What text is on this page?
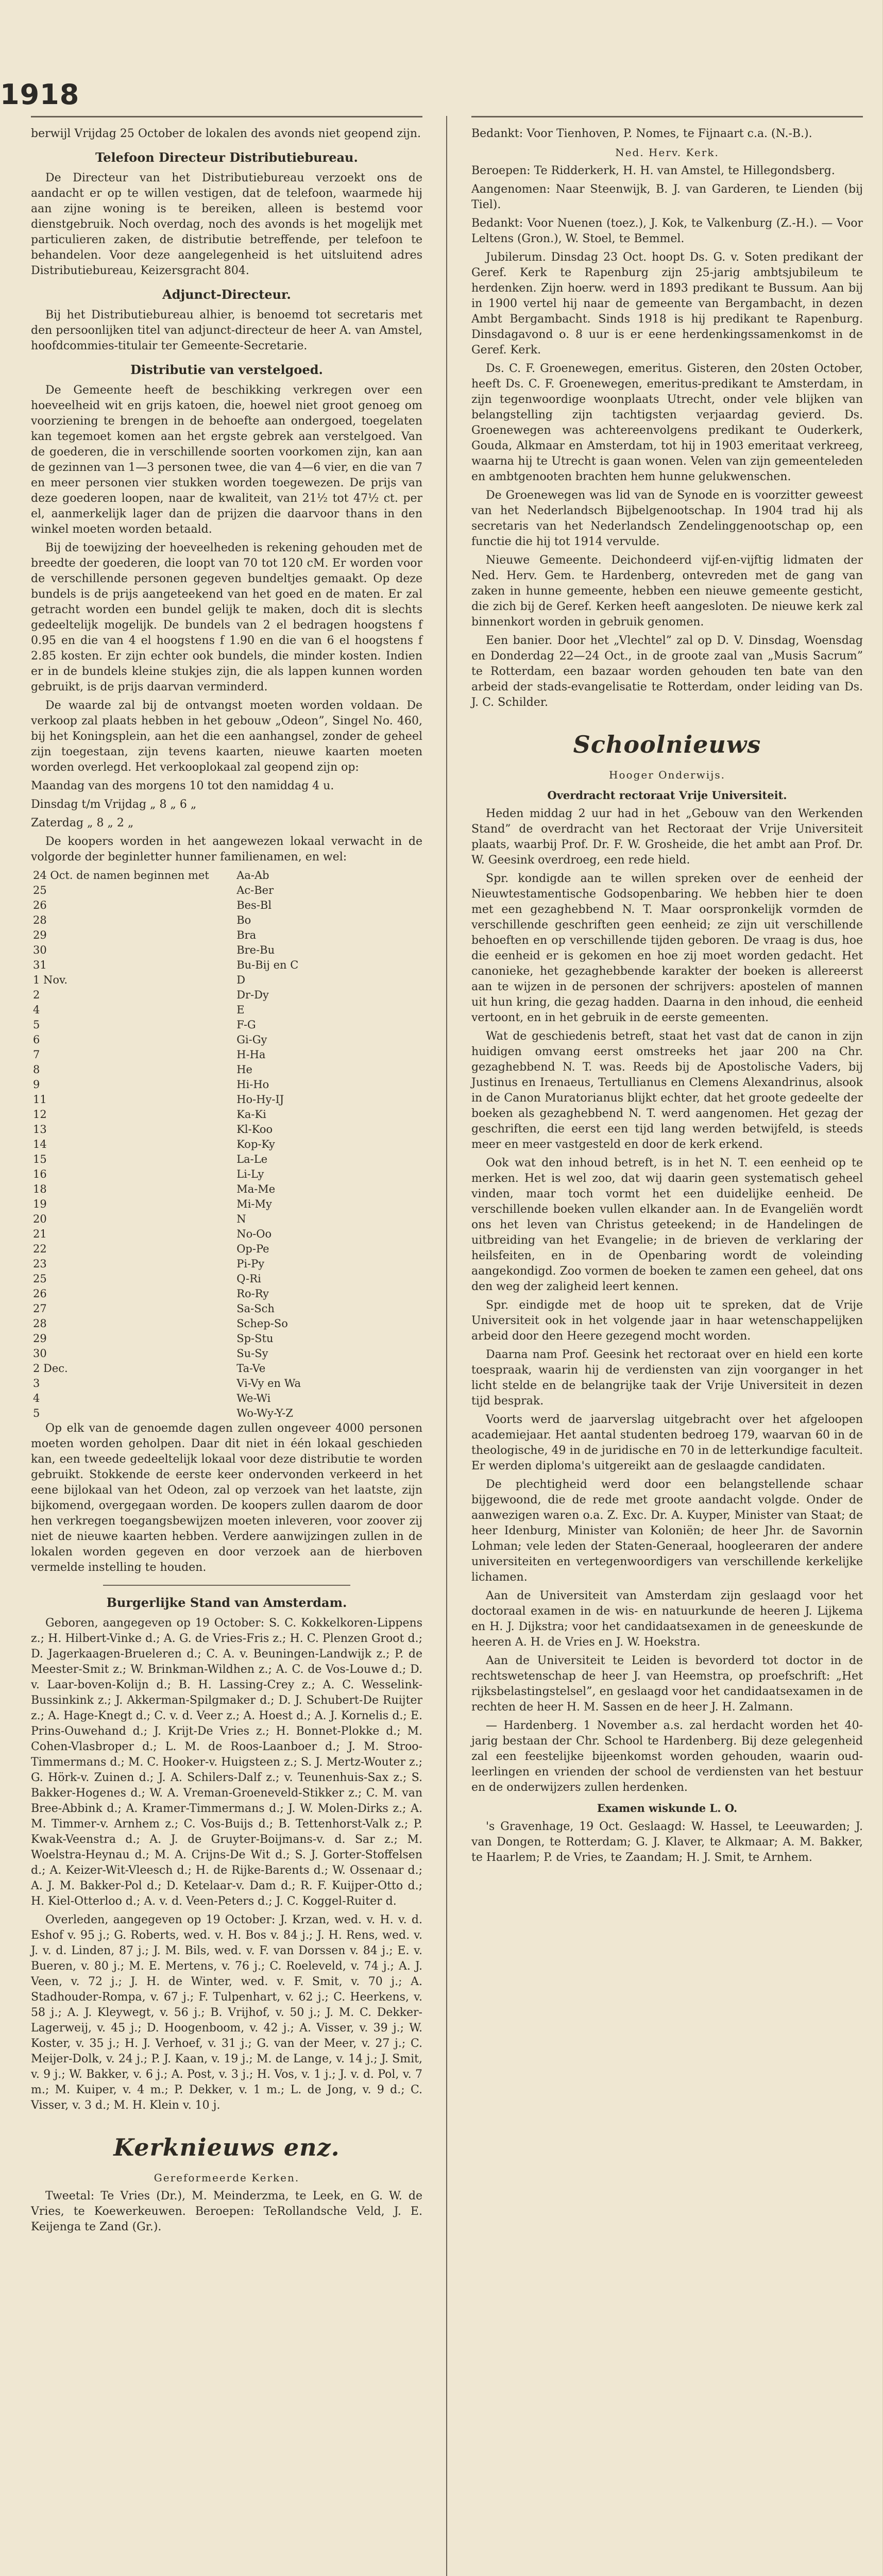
1918

berwijl Vrijdag 25 October de lokalen des avonds niet geopend zijn.

Telefoon Directeur Distributiebureau.

De Directeur van het Distributiebureau verzoekt ons de aandacht er op te willen vestigen, dat de telefoon, waarmede hij aan zijne woning is te bereiken, alleen is bestemd voor dienstgebruik. Noch overdag, noch des avonds is het mogelijk met particulieren zaken, de distributie betreffende, per telefoon te behandelen. Voor deze aangelegenheid is het uitsluitend adres Distributiebureau, Keizersgracht 804.

Adjunct-Directeur.

Bij het Distributiebureau alhier, is benoemd tot secretaris met den persoonlijken titel van adjunct-directeur de heer A. van Amstel, hoofdcommies-titulair ter Gemeente-Secretarie.

Distributie van verstelgoed.

De Gemeente heeft de beschikking verkregen over een hoeveelheid wit en grijs katoen, die, hoewel niet groot genoeg om voorziening te brengen in de behoefte aan ondergoed, toegelaten kan tegemoet komen aan het ergste gebrek aan verstelgoed. Van de goederen, die in verschillende soorten voorkomen zijn, kan aan de gezinnen van 1—3 personen twee, die van 4—6 vier, en die van 7 en meer personen vier stukken worden toegewezen. De prijs van deze goederen loopen, naar de kwaliteit, van 21½ tot 47½ ct. per el, aanmerkelijk lager dan de prijzen die daarvoor thans in den winkel moeten worden betaald.

Bij de toewijzing der hoeveelheden is rekening gehouden met de breedte der goederen, die loopt van 70 tot 120 cM. Er worden voor de verschillende personen gegeven bundeltjes gemaakt. Op deze bundels is de prijs aangeteekend van het goed en de maten. Er zal getracht worden een bundel gelijk te maken, doch dit is slechts gedeeltelijk mogelijk. De bundels van 2 el bedragen hoogstens f 0.95 en die van 4 el hoogstens f 1.90 en die van 6 el hoogstens f 2.85 kosten. Er zijn echter ook bundels, die minder kosten. Indien er in de bundels kleine stukjes zijn, die als lappen kunnen worden gebruikt, is de prijs daarvan verminderd.

De waarde zal bij de ontvangst moeten worden voldaan. De verkoop zal plaats hebben in het gebouw „Odeon”, Singel No. 460, bij het Koningsplein, aan het die een aanhangsel, zonder de geheel zijn toegestaan, zijn tevens kaarten, nieuwe kaarten moeten worden overlegd. Het verkooplokaal zal geopend zijn op:

Maandag van des morgens 10 tot den namiddag 4 u.

Dinsdag t/m Vrijdag „ 8 „ 6 „

Zaterdag „ 8 „ 2 „

De koopers worden in het aangewezen lokaal verwacht in de volgorde der beginletter hunner familienamen, en wel:

24 Oct. de namen beginnen met	Aa-Ab
25	Ac-Ber
26	Bes-Bl
28	Bo
29	Bra
30	Bre-Bu
31	Bu-Bij en C
1 Nov.	D
2	Dr-Dy
4	E
5	F-G
6	Gi-Gy
7	H-Ha
8	He
9	Hi-Ho
11	Ho-Hy-IJ
12	Ka-Ki
13	Kl-Koo
14	Kop-Ky
15	La-Le
16	Li-Ly
18	Ma-Me
19	Mi-My
20	N
21	No-Oo
22	Op-Pe
23	Pi-Py
25	Q-Ri
26	Ro-Ry
27	Sa-Sch
28	Schep-So
29	Sp-Stu
30	Su-Sy
2 Dec.	Ta-Ve
3	Vi-Vy en Wa
4	We-Wi
5	Wo-Wy-Y-Z

Op elk van de genoemde dagen zullen ongeveer 4000 personen moeten worden geholpen. Daar dit niet in één lokaal geschieden kan, een tweede gedeeltelijk lokaal voor deze distributie te worden gebruikt. Stokkende de eerste keer ondervonden verkeerd in het eene bijlokaal van het Odeon, zal op verzoek van het laatste, zijn bijkomend, overgegaan worden. De koopers zullen daarom de door hen verkregen toegangsbewijzen moeten inleveren, voor zoover zij niet de nieuwe kaarten hebben. Verdere aanwijzingen zullen in de lokalen worden gegeven en door verzoek aan de hierboven vermelde instelling te houden.

Burgerlijke Stand van Amsterdam.

Geboren, aangegeven op 19 October: S. C. Kokkelkoren-Lippens z.; H. Hilbert-Vinke d.; A. G. de Vries-Fris z.; H. C. Plenzen Groot d.; D. Jagerkaagen-Brueleren d.; C. A. v. Beuningen-Landwijk z.; P. de Meester-Smit z.; W. Brinkman-Wildhen z.; A. C. de Vos-Louwe d.; D. v. Laar-boven-Kolijn d.; B. H. Lassing-Crey z.; A. C. Wesselink-Bussinkink z.; J. Akkerman-Spilgmaker d.; D. J. Schubert-De Ruijter z.; A. Hage-Knegt d.; C. v. d. Veer z.; A. Hoest d.; A. J. Kornelis d.; E. Prins-Ouwehand d.; J. Krijt-De Vries z.; H. Bonnet-Plokke d.; M. Cohen-Vlasbroper d.; L. M. de Roos-Laanboer d.; J. M. Stroo-Timmermans d.; M. C. Hooker-v. Huigsteen z.; S. J. Mertz-Wouter z.; G. Hörk-v. Zuinen d.; J. A. Schilers-Dalf z.; v. Teunenhuis-Sax z.; S. Bakker-Hogenes d.; W. A. Vreman-Groeneveld-Stikker z.; C. M. van Bree-Abbink d.; A. Kramer-Timmermans d.; J. W. Molen-Dirks z.; A. M. Timmer-v. Arnhem z.; C. Vos-Buijs d.; B. Tettenhorst-Valk z.; P. Kwak-Veenstra d.; A. J. de Gruyter-Boijmans-v. d. Sar z.; M. Woelstra-Heynau d.; M. A. Crijns-De Wit d.; S. J. Gorter-Stoffelsen d.; A. Keizer-Wit-Vleesch d.; H. de Rijke-Barents d.; W. Ossenaar d.; A. J. M. Bakker-Pol d.; D. Ketelaar-v. Dam d.; R. F. Kuijper-Otto d.; H. Kiel-Otterloo d.; A. v. d. Veen-Peters d.; J. C. Koggel-Ruiter d.

Overleden, aangegeven op 19 October: J. Krzan, wed. v. H. v. d. Eshof v. 95 j.; G. Roberts, wed. v. H. Bos v. 84 j.; J. H. Rens, wed. v. J. v. d. Linden, 87 j.; J. M. Bils, wed. v. F. van Dorssen v. 84 j.; E. v. Bueren, v. 80 j.; M. E. Mertens, v. 76 j.; C. Roeleveld, v. 74 j.; A. J. Veen, v. 72 j.; J. H. de Winter, wed. v. F. Smit, v. 70 j.; A. Stadhouder-Rompa, v. 67 j.; F. Tulpenhart, v. 62 j.; C. Heerkens, v. 58 j.; A. J. Kleywegt, v. 56 j.; B. Vrijhof, v. 50 j.; J. M. C. Dekker-Lagerweij, v. 45 j.; D. Hoogenboom, v. 42 j.; A. Visser, v. 39 j.; W. Koster, v. 35 j.; H. J. Verhoef, v. 31 j.; G. van der Meer, v. 27 j.; C. Meijer-Dolk, v. 24 j.; P. J. Kaan, v. 19 j.; M. de Lange, v. 14 j.; J. Smit, v. 9 j.; W. Bakker, v. 6 j.; A. Post, v. 3 j.; H. Vos, v. 1 j.; J. v. d. Pol, v. 7 m.; M. Kuiper, v. 4 m.; P. Dekker, v. 1 m.; L. de Jong, v. 9 d.; C. Visser, v. 3 d.; M. H. Klein v. 10 j.

Kerknieuws enz.
Gereformeerde Kerken.

Tweetal: Te Vries (Dr.), M. Meinderzma, te Leek, en G. W. de Vries, te Koewerkeuwen. Beroepen: TeRollandsche Veld, J. E. Keijenga te Zand (Gr.).

Bedankt: Voor Tienhoven, P. Nomes, te Fijnaart c.a. (N.-B.).

Ned. Herv. Kerk.

Beroepen: Te Ridderkerk, H. H. van Amstel, te Hillegondsberg.

Aangenomen: Naar Steenwijk, B. J. van Garderen, te Lienden (bij Tiel).

Bedankt: Voor Nuenen (toez.), J. Kok, te Valkenburg (Z.-H.). — Voor Leltens (Gron.), W. Stoel, te Bemmel.

Jubilerum. Dinsdag 23 Oct. hoopt Ds. G. v. Soten predikant der Geref. Kerk te Rapenburg zijn 25-jarig ambtsjubileum te herdenken. Zijn hoerw. werd in 1893 predikant te Bussum. Aan bij in 1900 vertel hij naar de gemeente van Bergambacht, in dezen Ambt Bergambacht. Sinds 1918 is hij predikant te Rapenburg. Dinsdagavond o. 8 uur is er eene herdenkingssamenkomst in de Geref. Kerk.

Ds. C. F. Groenewegen, emeritus. Gisteren, den 20sten October, heeft Ds. C. F. Groenewegen, emeritus-predikant te Amsterdam, in zijn tegenwoordige woonplaats Utrecht, onder vele blijken van belangstelling zijn tachtigsten verjaardag gevierd. Ds. Groenewegen was achtereenvolgens predikant te Ouderkerk, Gouda, Alkmaar en Amsterdam, tot hij in 1903 emeritaat verkreeg, waarna hij te Utrecht is gaan wonen. Velen van zijn gemeenteleden en ambtgenooten brachten hem hunne gelukwenschen.

De Groenewegen was lid van de Synode en is voorzitter geweest van het Nederlandsch Bijbelgenootschap. In 1904 trad hij als secretaris van het Nederlandsch Zendelinggenootschap op, een functie die hij tot 1914 vervulde.

Nieuwe Gemeente. Deichondeerd vijf-en-vijftig lidmaten der Ned. Herv. Gem. te Hardenberg, ontevreden met de gang van zaken in hunne gemeente, hebben een nieuwe gemeente gesticht, die zich bij de Geref. Kerken heeft aangesloten. De nieuwe kerk zal binnenkort worden in gebruik genomen.

Een banier. Door het „Vlechtel” zal op D. V. Dinsdag, Woensdag en Donderdag 22—24 Oct., in de groote zaal van „Musis Sacrum” te Rotterdam, een bazaar worden gehouden ten bate van den arbeid der stads-evangelisatie te Rotterdam, onder leiding van Ds. J. C. Schilder.

Schoolnieuws
Hooger Onderwijs.
Overdracht rectoraat Vrije Universiteit.

Heden middag 2 uur had in het „Gebouw van den Werkenden Stand” de overdracht van het Rectoraat der Vrije Universiteit plaats, waarbij Prof. Dr. F. W. Grosheide, die het ambt aan Prof. Dr. W. Geesink overdroeg, een rede hield.

Spr. kondigde aan te willen spreken over de eenheid der Nieuwtestamentische Godsopenbaring. We hebben hier te doen met een gezaghebbend N. T. Maar oorspronkelijk vormden de verschillende geschriften geen eenheid; ze zijn uit verschillende behoeften en op verschillende tijden geboren. De vraag is dus, hoe die eenheid er is gekomen en hoe zij moet worden gedacht. Het canonieke, het gezaghebbende karakter der boeken is allereerst aan te wijzen in de personen der schrijvers: apostelen of mannen uit hun kring, die gezag hadden. Daarna in den inhoud, die eenheid vertoont, en in het gebruik in de eerste gemeenten.

Wat de geschiedenis betreft, staat het vast dat de canon in zijn huidigen omvang eerst omstreeks het jaar 200 na Chr. gezaghebbend N. T. was. Reeds bij de Apostolische Vaders, bij Justinus en Irenaeus, Tertullianus en Clemens Alexandrinus, alsook in de Canon Muratorianus blijkt echter, dat het groote gedeelte der boeken als gezaghebbend N. T. werd aangenomen. Het gezag der geschriften, die eerst een tijd lang werden betwijfeld, is steeds meer en meer vastgesteld en door de kerk erkend.

Ook wat den inhoud betreft, is in het N. T. een eenheid op te merken. Het is wel zoo, dat wij daarin geen systematisch geheel vinden, maar toch vormt het een duidelijke eenheid. De verschillende boeken vullen elkander aan. In de Evangeliën wordt ons het leven van Christus geteekend; in de Handelingen de uitbreiding van het Evangelie; in de brieven de verklaring der heilsfeiten, en in de Openbaring wordt de voleinding aangekondigd. Zoo vormen de boeken te zamen een geheel, dat ons den weg der zaligheid leert kennen.

Spr. eindigde met de hoop uit te spreken, dat de Vrije Universiteit ook in het volgende jaar in haar wetenschappelijken arbeid door den Heere gezegend mocht worden.

Daarna nam Prof. Geesink het rectoraat over en hield een korte toespraak, waarin hij de verdiensten van zijn voorganger in het licht stelde en de belangrijke taak der Vrije Universiteit in dezen tijd besprak.

Voorts werd de jaarverslag uitgebracht over het afgeloopen academiejaar. Het aantal studenten bedroeg 179, waarvan 60 in de theologische, 49 in de juridische en 70 in de letterkundige faculteit. Er werden diploma's uitgereikt aan de geslaagde candidaten.

De plechtigheid werd door een belangstellende schaar bijgewoond, die de rede met groote aandacht volgde. Onder de aanwezigen waren o.a. Z. Exc. Dr. A. Kuyper, Minister van Staat; de heer Idenburg, Minister van Koloniën; de heer Jhr. de Savornin Lohman; vele leden der Staten-Generaal, hoogleeraren der andere universiteiten en vertegenwoordigers van verschillende kerkelijke lichamen.

Aan de Universiteit van Amsterdam zijn geslaagd voor het doctoraal examen in de wis- en natuurkunde de heeren J. Lijkema en H. J. Dijkstra; voor het candidaatsexamen in de geneeskunde de heeren A. H. de Vries en J. W. Hoekstra.

Aan de Universiteit te Leiden is bevorderd tot doctor in de rechtswetenschap de heer J. van Heemstra, op proefschrift: „Het rijksbelastingstelsel”, en geslaagd voor het candidaatsexamen in de rechten de heer H. M. Sassen en de heer J. H. Zalmann.

— Hardenberg. 1 November a.s. zal herdacht worden het 40-jarig bestaan der Chr. School te Hardenberg. Bij deze gelegenheid zal een feestelijke bijeenkomst worden gehouden, waarin oud-leerlingen en vrienden der school de verdiensten van het bestuur en de onderwijzers zullen herdenken.

Examen wiskunde L. O.

's Gravenhage, 19 Oct. Geslaagd: W. Hassel, te Leeuwarden; J. van Dongen, te Rotterdam; G. J. Klaver, te Alkmaar; A. M. Bakker, te Haarlem; P. de Vries, te Zaandam; H. J. Smit, te Arnhem.
